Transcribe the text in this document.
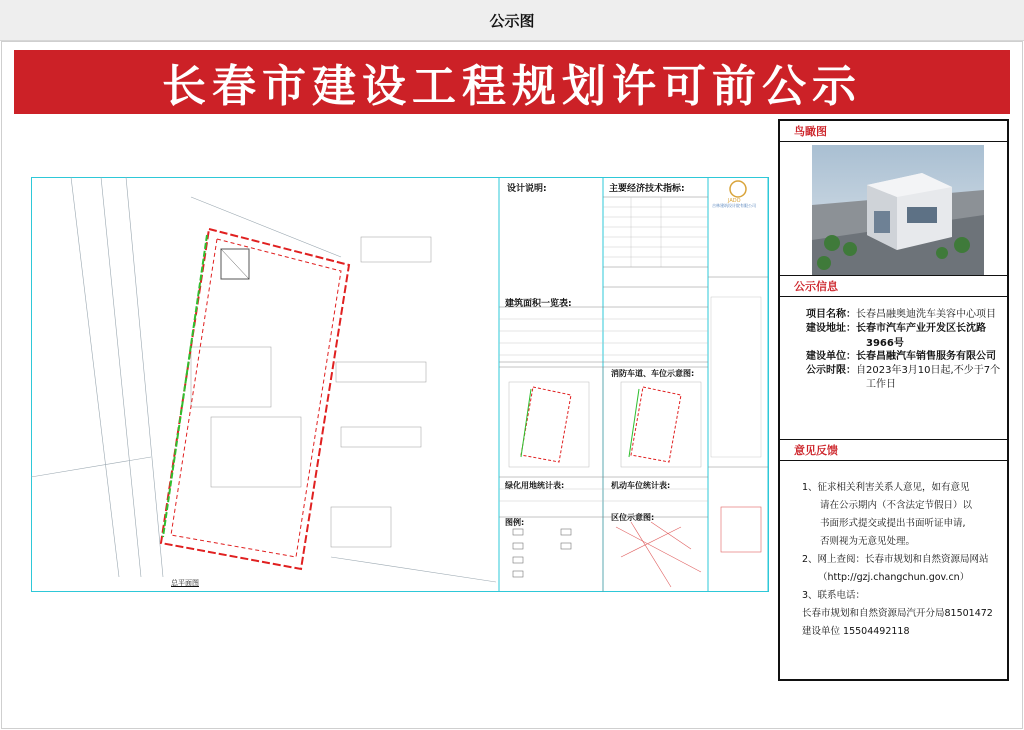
公示图
长春市建设工程规划许可前公示
设计说明:	主要经济技术指标:
建筑面积一览表:
消防车道、车位示意图:
绿化用地统计表:	机动车位统计表:
图例:
区位示意图:
总平面图
吉林建筑设计院有限公司
JADO
鸟瞰图
公示信息
项目名称：长春昌融奥迪洗车美容中心项目
建设地址：长春市汽车产业开发区长沈路
3966号
建设单位：长春昌融汽车销售服务有限公司
公示时限：自2023年3月10日起,不少于7个
工作日
意见反馈
1、征求相关利害关系人意见，如有意见
请在公示期内（不含法定节假日）以
书面形式提交或提出书面听证申请,
否则视为无意见处理。
2、网上查阅：长春市规划和自然资源局网站
（http://gzj.changchun.gov.cn）
3、联系电话：
长春市规划和自然资源局汽开分局81501472
建设单位 15504492118
